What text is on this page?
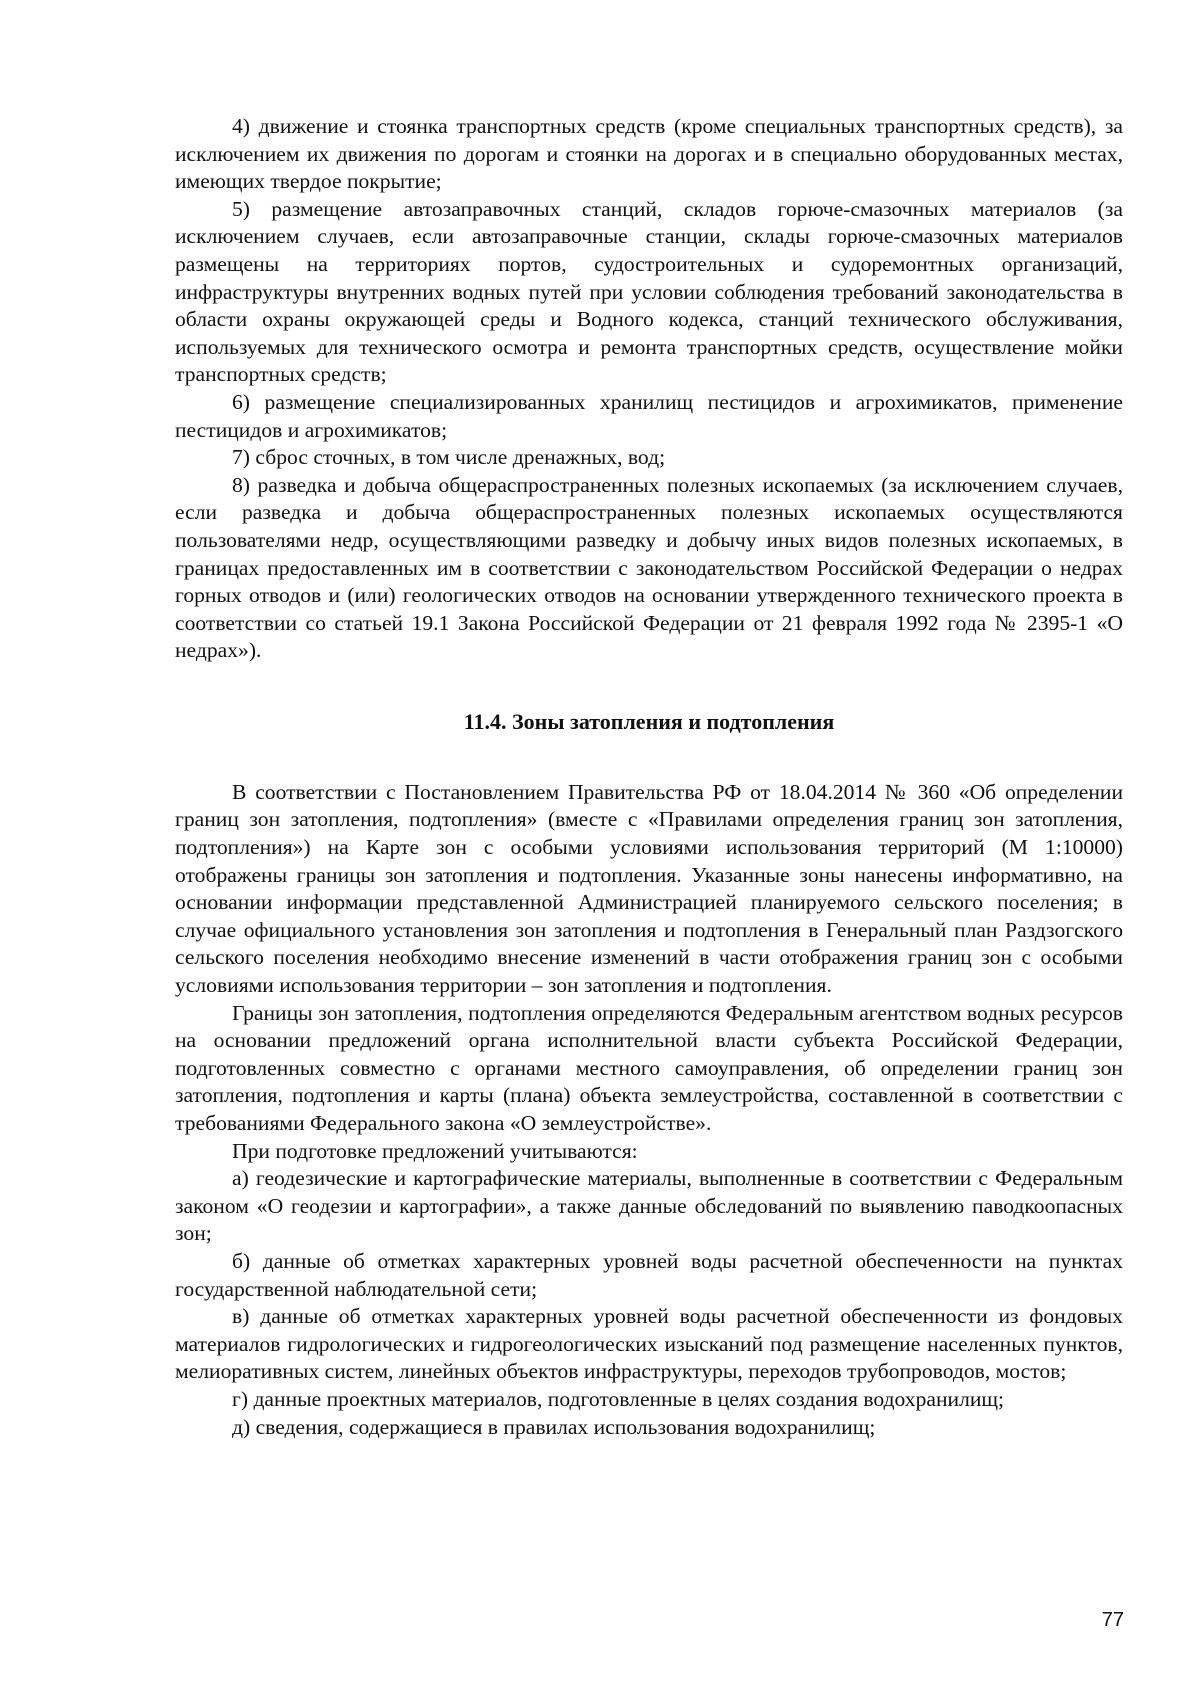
4) движение и стоянка транспортных средств (кроме специальных транспортных средств), за исключением их движения по дорогам и стоянки на дорогах и в специально оборудованных местах, имеющих твердое покрытие;

5) размещение автозаправочных станций, складов горюче-смазочных материалов (за исключением случаев, если автозаправочные станции, склады горюче-смазочных материалов размещены на территориях портов, судостроительных и судоремонтных организаций, инфраструктуры внутренних водных путей при условии соблюдения требований законодательства в области охраны окружающей среды и Водного кодекса, станций технического обслуживания, используемых для технического осмотра и ремонта транспортных средств, осуществление мойки транспортных средств;

6) размещение специализированных хранилищ пестицидов и агрохимикатов, применение пестицидов и агрохимикатов;

7) сброс сточных, в том числе дренажных, вод;

8) разведка и добыча общераспространенных полезных ископаемых (за исключением случаев, если разведка и добыча общераспространенных полезных ископаемых осуществляются пользователями недр, осуществляющими разведку и добычу иных видов полезных ископаемых, в границах предоставленных им в соответствии с законодательством Российской Федерации о недрах горных отводов и (или) геологических отводов на основании утвержденного технического проекта в соответствии со статьей 19.1 Закона Российской Федерации от 21 февраля 1992 года № 2395-1 «О недрах»).

11.4. Зоны затопления и подтопления

В соответствии с Постановлением Правительства РФ от 18.04.2014 № 360 «Об определении границ зон затопления, подтопления» (вместе с «Правилами определения границ зон затопления, подтопления») на Карте зон с особыми условиями использования территорий (М 1:10000) отображены границы зон затопления и подтопления. Указанные зоны нанесены информативно, на основании информации представленной Администрацией планируемого сельского поселения; в случае официального установления зон затопления и подтопления в Генеральный план Раздзогского сельского поселения необходимо внесение изменений в части отображения границ зон с особыми условиями использования территории – зон затопления и подтопления.

Границы зон затопления, подтопления определяются Федеральным агентством водных ресурсов на основании предложений органа исполнительной власти субъекта Российской Федерации, подготовленных совместно с органами местного самоуправления, об определении границ зон затопления, подтопления и карты (плана) объекта землеустройства, составленной в соответствии с требованиями Федерального закона «О землеустройстве».

При подготовке предложений учитываются:

а) геодезические и картографические материалы, выполненные в соответствии с Федеральным законом «О геодезии и картографии», а также данные обследований по выявлению паводкоопасных зон;

б) данные об отметках характерных уровней воды расчетной обеспеченности на пунктах государственной наблюдательной сети;

в) данные об отметках характерных уровней воды расчетной обеспеченности из фондовых материалов гидрологических и гидрогеологических изысканий под размещение населенных пунктов, мелиоративных систем, линейных объектов инфраструктуры, переходов трубопроводов, мостов;

г) данные проектных материалов, подготовленные в целях создания водохранилищ;

д) сведения, содержащиеся в правилах использования водохранилищ;

77
